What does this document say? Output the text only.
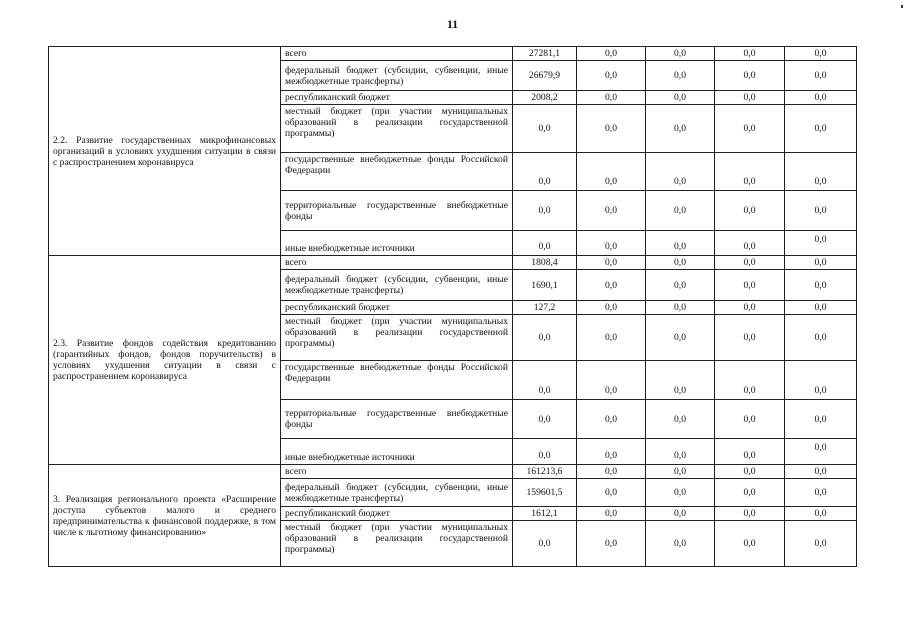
11
2.2. Развитие государственных микрофинансовых организаций в условиях ухудшения ситуации в связи с распространением коронавируса	всего	27281,1	0,0	0,0	0,0	0,0
	федеральный бюджет (субсидии, субвенции, иные межбюджетные трансферты)	26679,9	0,0	0,0	0,0	0,0
	республиканский бюджет	2008,2	0,0	0,0	0,0	0,0
	местный бюджет (при участии муниципальных образований в реализации государственной программы)	0,0	0,0	0,0	0,0	0,0
	государственные внебюджетные фонды Российской Федерации	0,0	0,0	0,0	0,0	0,0
	территориальные государственные внебюджетные фонды	0,0	0,0	0,0	0,0	0,0
	иные внебюджетные источники	0,0	0,0	0,0	0,0	0,0
2.3. Развитие фондов содействия кредитованию (гарантийных фондов, фондов поручительств) в условиях ухудшения ситуации в связи с распространением коронавируса	всего	1808,4	0,0	0,0	0,0	0,0
	федеральный бюджет (субсидии, субвенции, иные межбюджетные трансферты)	1690,1	0,0	0,0	0,0	0,0
	республиканский бюджет	127,2	0,0	0,0	0,0	0,0
	местный бюджет (при участии муниципальных образований в реализации государственной программы)	0,0	0,0	0,0	0,0	0,0
	государственные внебюджетные фонды Российской Федерации	0,0	0,0	0,0	0,0	0,0
	территориальные государственные внебюджетные фонды	0,0	0,0	0,0	0,0	0,0
	иные внебюджетные источники	0,0	0,0	0,0	0,0	0,0
3. Реализация регионального проекта «Расширение доступа субъектов малого и среднего предпринимательства к финансовой поддержке, в том числе к льготному финансированию»	всего	161213,6	0,0	0,0	0,0	0,0
	федеральный бюджет (субсидии, субвенции, иные межбюджетные трансферты)	159601,5	0,0	0,0	0,0	0,0
	республиканский бюджет	1612,1	0,0	0,0	0,0	0,0
	местный бюджет (при участии муниципальных образований в реализации государственной программы)	0,0	0,0	0,0	0,0	0,0
